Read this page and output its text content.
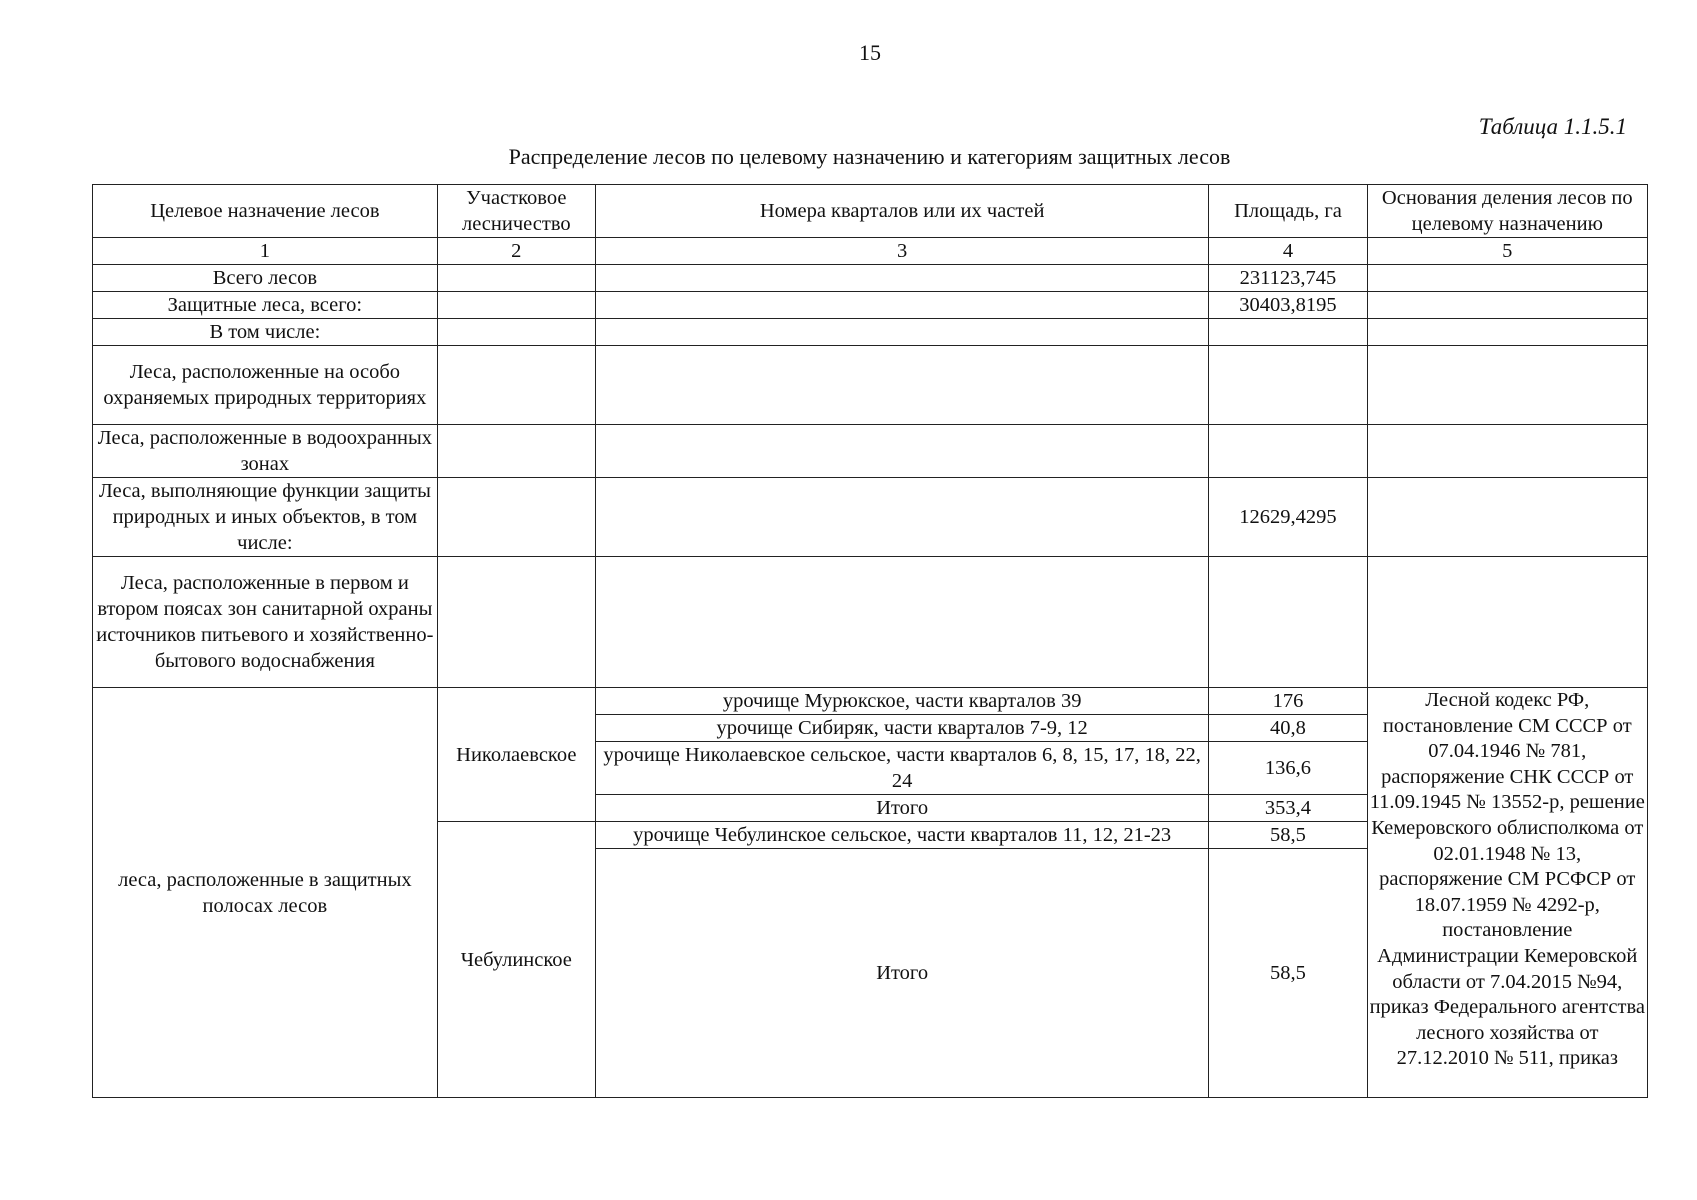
15
Таблица 1.1.5.1
Распределение лесов по целевому назначению и категориям защитных лесов
Целевое назначение лесов	Участковое лесничество	Номера кварталов или их частей	Площадь, га	Основания деления лесов по целевому назначению
1	2	3	4	5
Всего лесов			231123,745	
Защитные леса, всего:			30403,8195	
В том числе:				
Леса, расположенные на особо охраняемых природных территориях				
Леса, расположенные в водоохранных зонах				
Леса, выполняющие функции защиты природных и иных объектов, в том числе:			12629,4295	
Леса, расположенные в первом и втором поясах зон санитарной охраны источников питьевого и хозяйственно-бытового водоснабжения				
леса, расположенные в защитных полосах лесов	Николаевское	урочище Мурюкское, части кварталов 39	176	Лесной кодекс РФ, постановление СМ СССР от 07.04.1946 № 781, распоряжение СНК СССР от 11.09.1945 № 13552-р, решение Кемеровского облисполкома от 02.01.1948 № 13, распоряжение СМ РСФСР от 18.07.1959 № 4292-р, постановление Администрации Кемеровской области от 7.04.2015 №94, приказ Федерального агентства лесного хозяйства от 27.12.2010 № 511, приказ
		урочище Сибиряк, части кварталов 7-9, 12	40,8	
		урочище Николаевское сельское, части кварталов 6, 8, 15, 17, 18, 22, 24	136,6	
		Итого	353,4	
	Чебулинское	урочище Чебулинское сельское, части кварталов 11, 12, 21-23	58,5	
		Итого	58,5	
